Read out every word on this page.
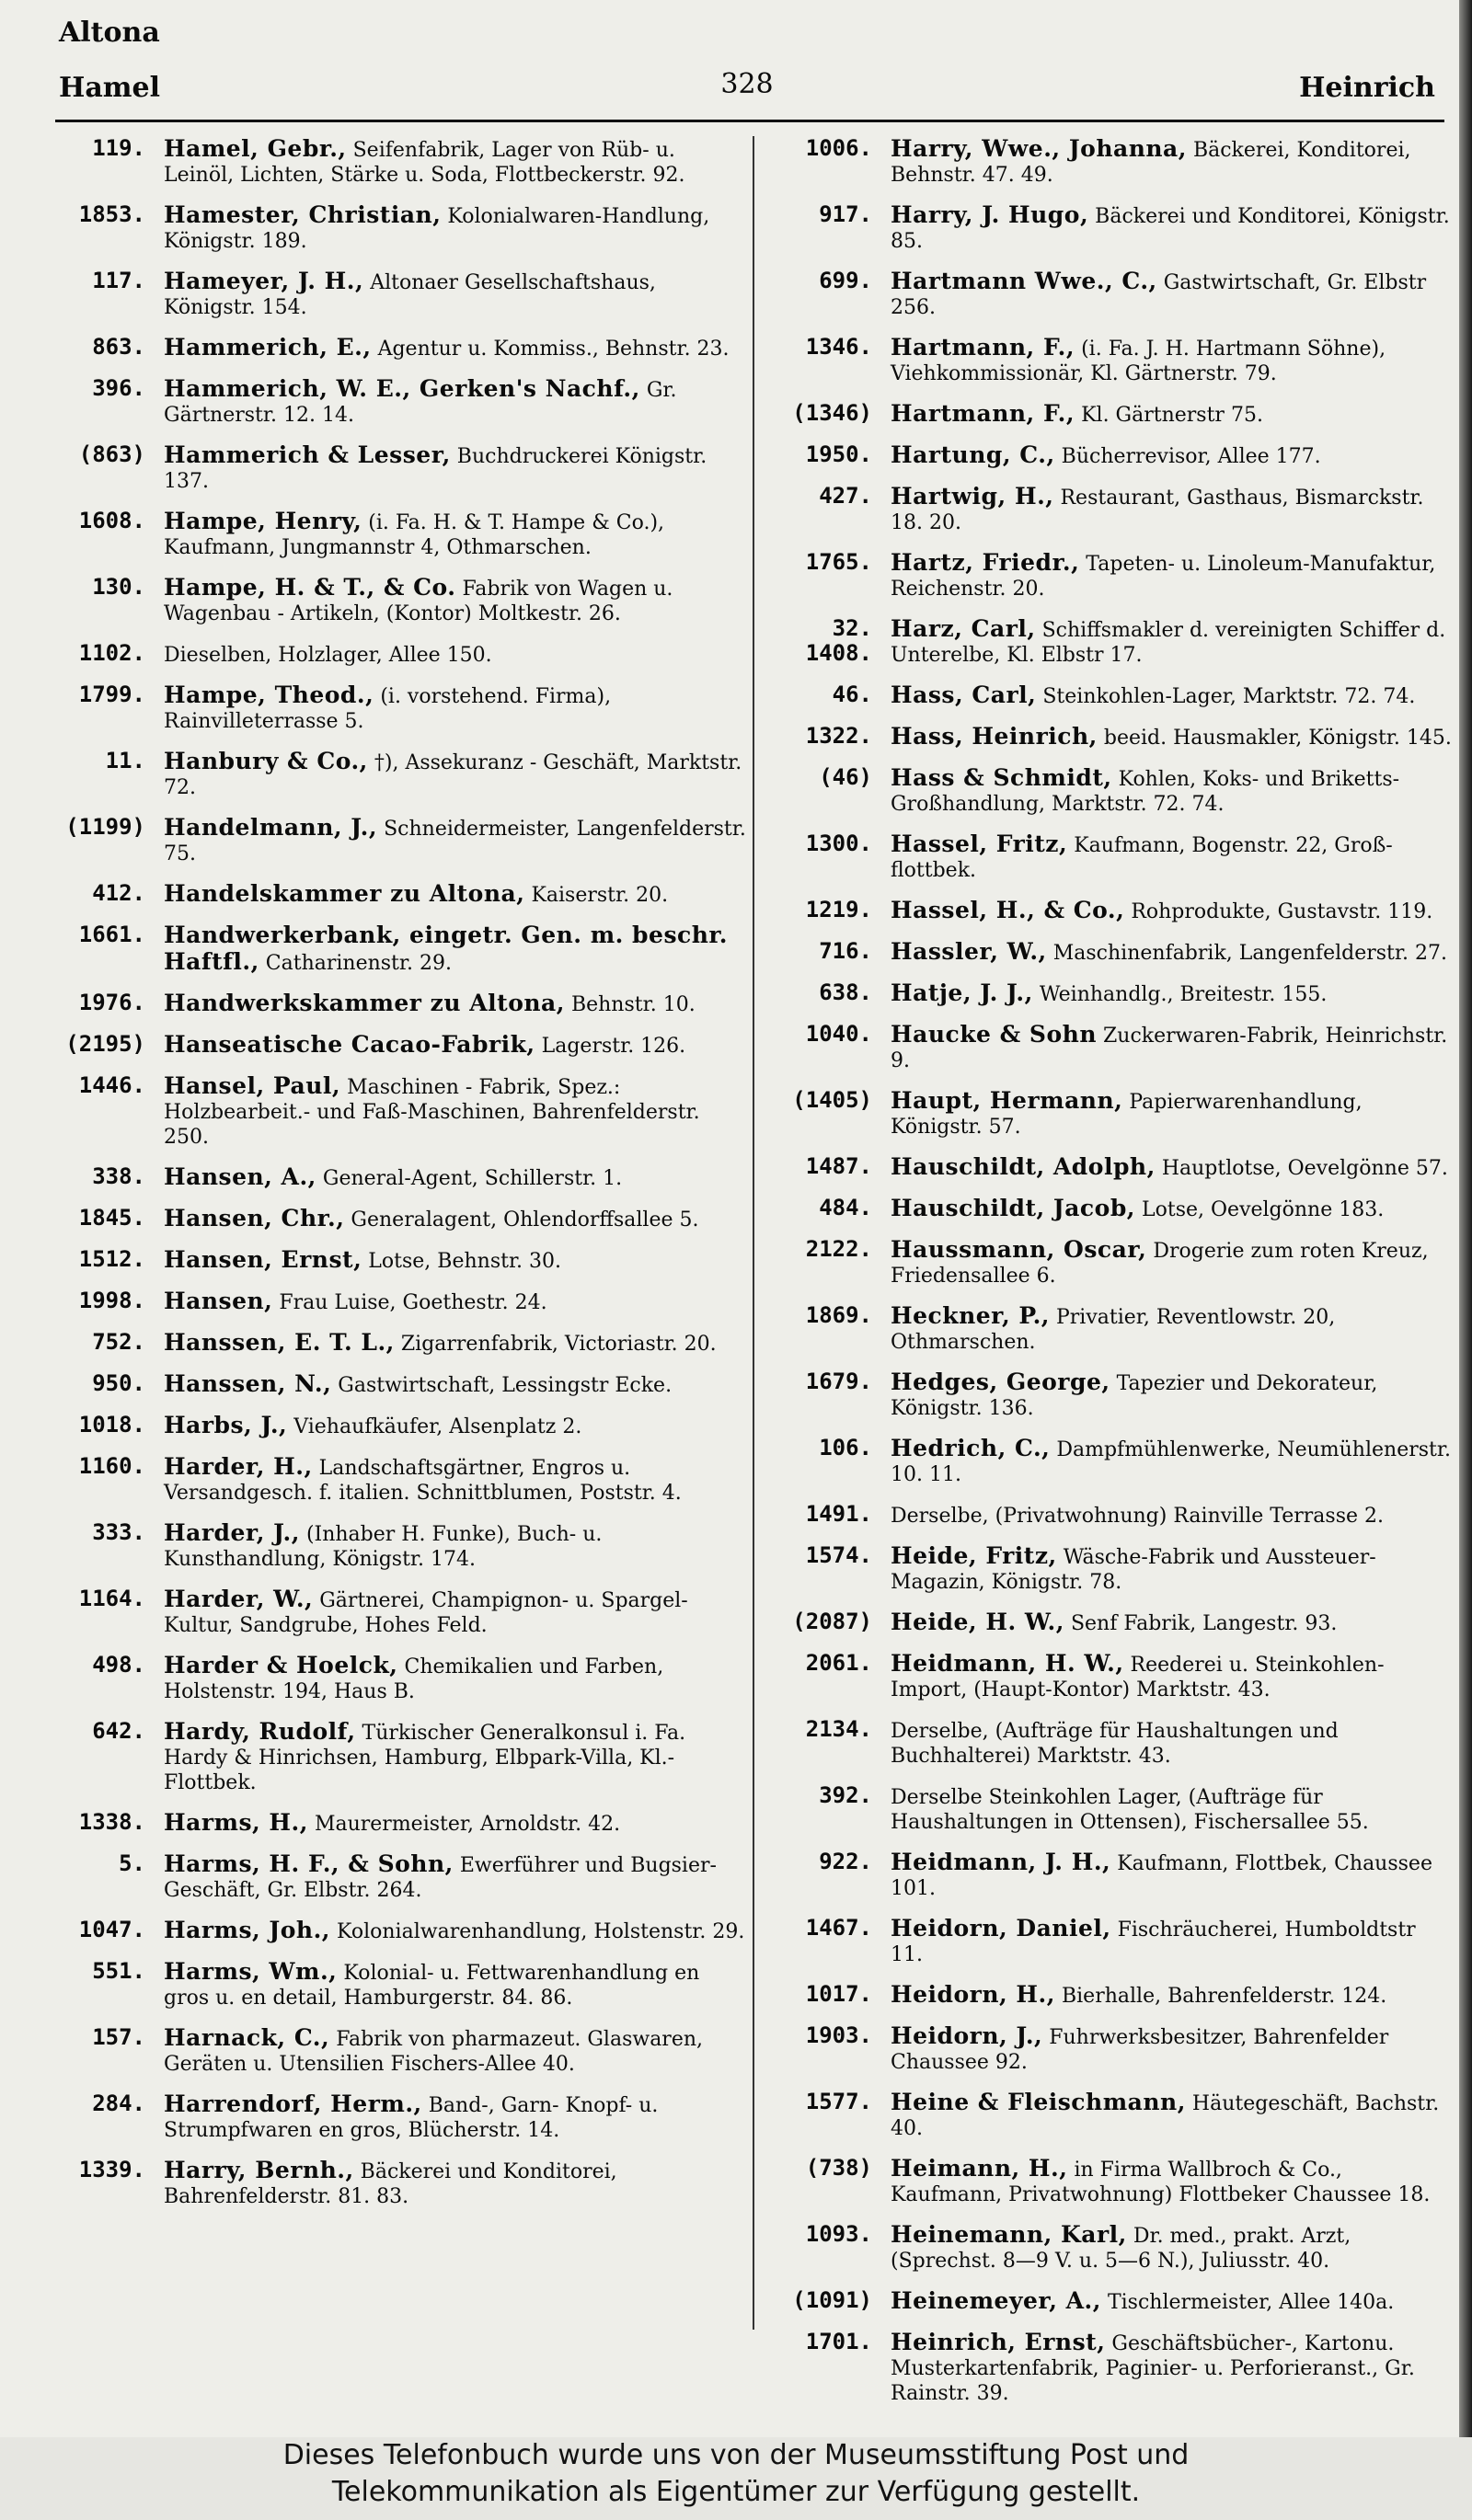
Altona
Hamel	328	Heinrich
119. Hamel, Gebr., Seifenfabrik, Lager von Rüb- u. Leinöl, Lichten, Stärke u. Soda, Flottbeckerstr. 92.
1853. Hamester, Christian, Kolonialwaren-Handlung, Königstr. 189.
117. Hameyer, J. H., Altonaer Gesellschaftshaus, Königstr. 154.
863. Hammerich, E., Agentur u. Kommiss., Behnstr. 23.
396. Hammerich, W. E., Gerken's Nachf., Gr. Gärtnerstr. 12. 14.
(863) Hammerich & Lesser, Buchdruckerei Königstr. 137.
1608. Hampe, Henry, (i. Fa. H. & T. Hampe & Co.), Kaufmann, Jungmannstr 4, Othmarschen.
130. Hampe, H. & T., & Co. Fabrik von Wagen u. Wagenbau - Artikeln, (Kontor) Moltkestr. 26.
1102. Dieselben, Holzlager, Allee 150.
1799. Hampe, Theod., (i. vorstehend. Firma), Rainvilleterrasse 5.
11. Hanbury & Co., †), Assekuranz - Geschäft, Marktstr. 72.
(1199) Handelmann, J., Schneidermeister, Langenfelderstr. 75.
412. Handelskammer zu Altona, Kaiserstr. 20.
1661. Handwerkerbank, eingetr. Gen. m. beschr. Haftfl., Catharinenstr. 29.
1976. Handwerkskammer zu Altona, Behnstr. 10.
(2195) Hanseatische Cacao-Fabrik, Lagerstr. 126.
1446. Hansel, Paul, Maschinen - Fabrik, Spez.: Holzbearbeit.- und Faß-Maschinen, Bahrenfelderstr. 250.
338. Hansen, A., General-Agent, Schillerstr. 1.
1845. Hansen, Chr., Generalagent, Ohlendorffsallee 5.
1512. Hansen, Ernst, Lotse, Behnstr. 30.
1998. Hansen, Frau Luise, Goethestr. 24.
752. Hanssen, E. T. L., Zigarrenfabrik, Victoriastr. 20.
950. Hanssen, N., Gastwirtschaft, Lessingstr Ecke.
1018. Harbs, J., Viehaufkäufer, Alsenplatz 2.
1160. Harder, H., Landschaftsgärtner, Engros u. Versandgesch. f. italien. Schnittblumen, Poststr. 4.
333. Harder, J., (Inhaber H. Funke), Buch- u. Kunsthandlung, Königstr. 174.
1164. Harder, W., Gärtnerei, Champignon- u. Spargel-Kultur, Sandgrube, Hohes Feld.
498. Harder & Hoelck, Chemikalien und Farben, Holstenstr. 194, Haus B.
642. Hardy, Rudolf, Türkischer Generalkonsul i. Fa. Hardy & Hinrichsen, Hamburg, Elbpark-Villa, Kl.-Flottbek.
1338. Harms, H., Maurermeister, Arnoldstr. 42.
5. Harms, H. F., & Sohn, Ewerführer und Bugsier-Geschäft, Gr. Elbstr. 264.
1047. Harms, Joh., Kolonialwarenhandlung, Holstenstr. 29.
551. Harms, Wm., Kolonial- u. Fettwarenhandlung en gros u. en detail, Hamburgerstr. 84. 86.
157. Harnack, C., Fabrik von pharmazeut. Glaswaren, Geräten u. Utensilien Fischers-Allee 40.
284. Harrendorf, Herm., Band-, Garn- Knopf- u. Strumpfwaren en gros, Blücherstr. 14.
1339. Harry, Bernh., Bäckerei und Konditorei, Bahrenfelderstr. 81. 83.
1006. Harry, Wwe., Johanna, Bäckerei, Konditorei, Behnstr. 47. 49.
917. Harry, J. Hugo, Bäckerei und Konditorei, Königstr. 85.
699. Hartmann Wwe., C., Gastwirtschaft, Gr. Elbstr 256.
1346. Hartmann, F., (i. Fa. J. H. Hartmann Söhne), Viehkommissionär, Kl. Gärtnerstr. 79.
(1346) Hartmann, F., Kl. Gärtnerstr 75.
1950. Hartung, C., Bücherrevisor, Allee 177.
427. Hartwig, H., Restaurant, Gasthaus, Bismarckstr. 18. 20.
1765. Hartz, Friedr., Tapeten- u. Linoleum-Manufaktur, Reichenstr. 20.
32. 1408.
Harz, Carl, Schiffsmakler d. vereinigten Schiffer d. Unterelbe, Kl. Elbstr 17.
46. Hass, Carl, Steinkohlen-Lager, Marktstr. 72. 74.
1322. Hass, Heinrich, beeid. Hausmakler, Königstr. 145.
(46) Hass & Schmidt, Kohlen, Koks- und Briketts-Großhandlung, Marktstr. 72. 74.
1300. Hassel, Fritz, Kaufmann, Bogenstr. 22, Groß-flottbek.
1219. Hassel, H., & Co., Rohprodukte, Gustavstr. 119.
716. Hassler, W., Maschinenfabrik, Langenfelderstr. 27.
638. Hatje, J. J., Weinhandlg., Breitestr. 155.
1040. Haucke & Sohn Zuckerwaren-Fabrik, Heinrichstr. 9.
(1405) Haupt, Hermann, Papierwarenhandlung, Königstr. 57.
1487. Hauschildt, Adolph, Hauptlotse, Oevelgönne 57.
484. Hauschildt, Jacob, Lotse, Oevelgönne 183.
2122. Haussmann, Oscar, Drogerie zum roten Kreuz, Friedensallee 6.
1869. Heckner, P., Privatier, Reventlowstr. 20, Othmarschen.
1679. Hedges, George, Tapezier und Dekorateur, Königstr. 136.
106. Hedrich, C., Dampfmühlenwerke, Neumühlenerstr. 10. 11.
1491. Derselbe, (Privatwohnung) Rainville Terrasse 2.
1574. Heide, Fritz, Wäsche-Fabrik und Aussteuer-Magazin, Königstr. 78.
(2087) Heide, H. W., Senf Fabrik, Langestr. 93.
2061. Heidmann, H. W., Reederei u. Steinkohlen-Import, (Haupt-Kontor) Marktstr. 43.
2134. Derselbe, (Aufträge für Haushaltungen und Buchhalterei) Marktstr. 43.
392. Derselbe Steinkohlen Lager, (Aufträge für Haushaltungen in Ottensen), Fischersallee 55.
922. Heidmann, J. H., Kaufmann, Flottbek, Chaussee 101.
1467. Heidorn, Daniel, Fischräucherei, Humboldtstr 11.
1017. Heidorn, H., Bierhalle, Bahrenfelderstr. 124.
1903. Heidorn, J., Fuhrwerksbesitzer, Bahrenfelder Chaussee 92.
1577. Heine & Fleischmann, Häutegeschäft, Bachstr. 40.
(738) Heimann, H., in Firma Wallbroch & Co., Kaufmann, Privatwohnung) Flottbeker Chaussee 18.
1093. Heinemann, Karl, Dr. med., prakt. Arzt, (Sprechst. 8—9 V. u. 5—6 N.), Juliusstr. 40.
(1091) Heinemeyer, A., Tischlermeister, Allee 140a.
1701. Heinrich, Ernst, Geschäftsbücher-, Kartonu. Musterkartenfabrik, Paginier- u. Perforieranst., Gr. Rainstr. 39.
Dieses Telefonbuch wurde uns von der Museumsstiftung Post und
Telekommunikation als Eigentümer zur Verfügung gestellt.
